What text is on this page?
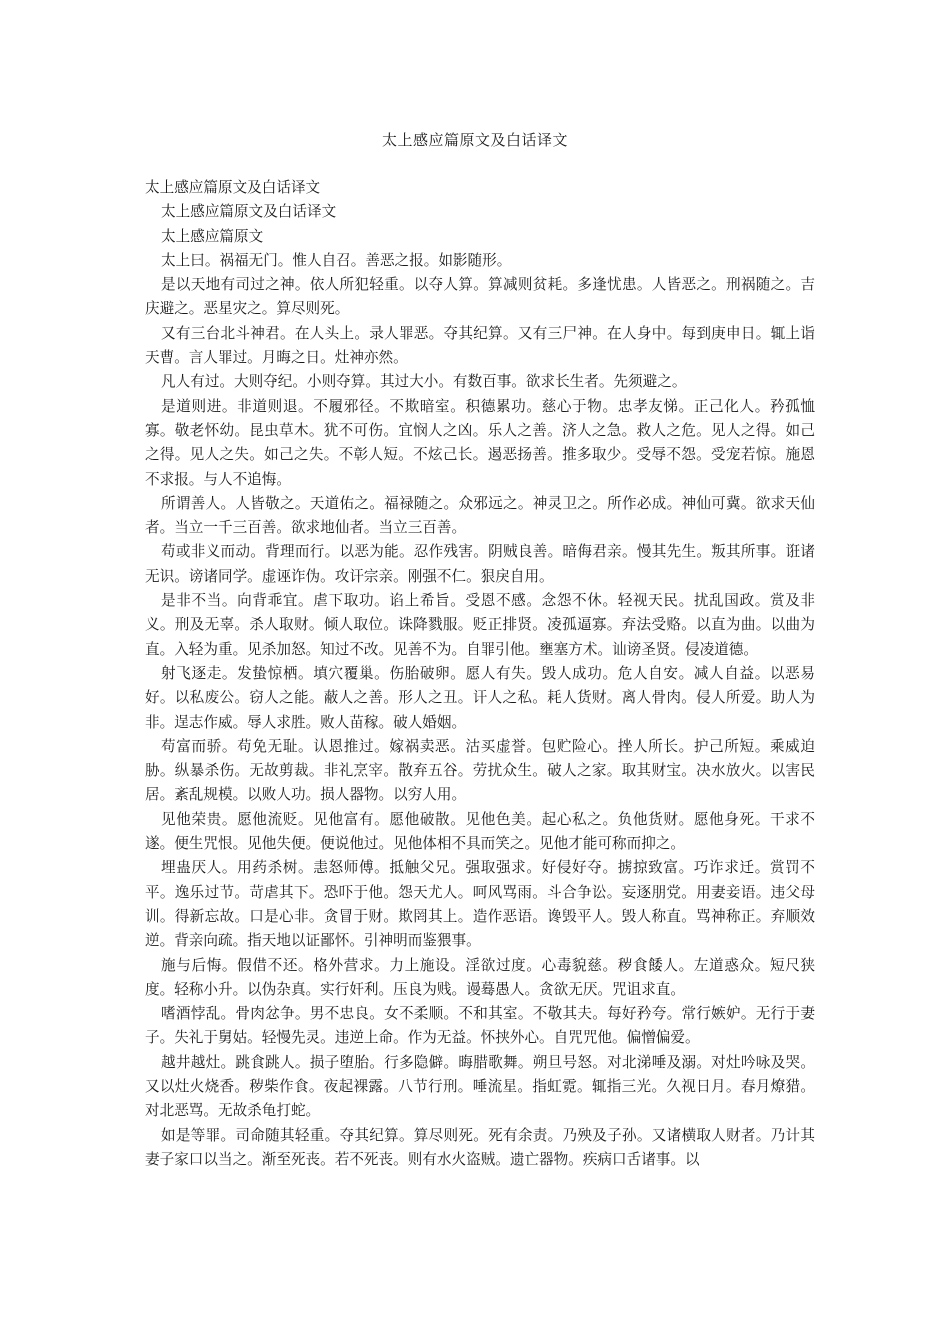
太上感应篇原文及白话译文

太上感应篇原文及白话译文

太上感应篇原文及白话译文

太上感应篇原文

太上曰。祸福无门。惟人自召。善恶之报。如影随形。

是以天地有司过之神。依人所犯轻重。以夺人算。算减则贫耗。多逢忧患。人皆恶之。刑祸随之。吉庆避之。恶星灾之。算尽则死。

又有三台北斗神君。在人头上。录人罪恶。夺其纪算。又有三尸神。在人身中。每到庚申日。辄上诣天曹。言人罪过。月晦之日。灶神亦然。

凡人有过。大则夺纪。小则夺算。其过大小。有数百事。欲求长生者。先须避之。

是道则进。非道则退。不履邪径。不欺暗室。积德累功。慈心于物。忠孝友悌。正己化人。矜孤恤寡。敬老怀幼。昆虫草木。犹不可伤。宜悯人之凶。乐人之善。济人之急。救人之危。见人之得。如己之得。见人之失。如己之失。不彰人短。不炫己长。遏恶扬善。推多取少。受辱不怨。受宠若惊。施恩不求报。与人不追悔。

所谓善人。人皆敬之。天道佑之。福禄随之。众邪远之。神灵卫之。所作必成。神仙可冀。欲求天仙者。当立一千三百善。欲求地仙者。当立三百善。

苟或非义而动。背理而行。以恶为能。忍作残害。阴贼良善。暗侮君亲。慢其先生。叛其所事。诳诸无识。谤诸同学。虚诬诈伪。攻讦宗亲。刚强不仁。狠戾自用。

是非不当。向背乖宜。虐下取功。谄上希旨。受恩不感。念怨不休。轻视天民。扰乱国政。赏及非义。刑及无辜。杀人取财。倾人取位。诛降戮服。贬正排贤。凌孤逼寡。弃法受赂。以直为曲。以曲为直。入轻为重。见杀加怒。知过不改。见善不为。自罪引他。壅塞方术。讪谤圣贤。侵凌道德。

射飞逐走。发蛰惊栖。填穴覆巢。伤胎破卵。愿人有失。毁人成功。危人自安。减人自益。以恶易好。以私废公。窃人之能。蔽人之善。形人之丑。讦人之私。耗人货财。离人骨肉。侵人所爱。助人为非。逞志作威。辱人求胜。败人苗稼。破人婚姻。

苟富而骄。苟免无耻。认恩推过。嫁祸卖恶。沽买虚誉。包贮险心。挫人所长。护己所短。乘威迫胁。纵暴杀伤。无故剪裁。非礼烹宰。散弃五谷。劳扰众生。破人之家。取其财宝。决水放火。以害民居。紊乱规模。以败人功。损人器物。以穷人用。

见他荣贵。愿他流贬。见他富有。愿他破散。见他色美。起心私之。负他货财。愿他身死。干求不遂。便生咒恨。见他失便。便说他过。见他体相不具而笑之。见他才能可称而抑之。

埋蛊厌人。用药杀树。恚怒师傅。抵触父兄。强取强求。好侵好夺。掳掠致富。巧诈求迁。赏罚不平。逸乐过节。苛虐其下。恐吓于他。怨天尤人。呵风骂雨。斗合争讼。妄逐朋党。用妻妾语。违父母训。得新忘故。口是心非。贪冒于财。欺罔其上。造作恶语。谗毁平人。毁人称直。骂神称正。弃顺效逆。背亲向疏。指天地以证鄙怀。引神明而鉴猥事。

施与后悔。假借不还。格外营求。力上施设。淫欲过度。心毒貌慈。秽食餧人。左道惑众。短尺狭度。轻称小升。以伪杂真。实行奸利。压良为贱。谩蓦愚人。贪欲无厌。咒诅求直。

嗜酒悖乱。骨肉忿争。男不忠良。女不柔顺。不和其室。不敬其夫。每好矜夸。常行嫉妒。无行于妻子。失礼于舅姑。轻慢先灵。违逆上命。作为无益。怀挟外心。自咒咒他。偏憎偏爱。

越井越灶。跳食跳人。损子堕胎。行多隐僻。晦腊歌舞。朔旦号怒。对北涕唾及溺。对灶吟咏及哭。又以灶火烧香。秽柴作食。夜起裸露。八节行刑。唾流星。指虹霓。辄指三光。久视日月。春月燎猎。对北恶骂。无故杀龟打蛇。

如是等罪。司命随其轻重。夺其纪算。算尽则死。死有余责。乃殃及子孙。又诸横取人财者。乃计其妻子家口以当之。渐至死丧。若不死丧。则有水火盗贼。遗亡器物。疾病口舌诸事。以
